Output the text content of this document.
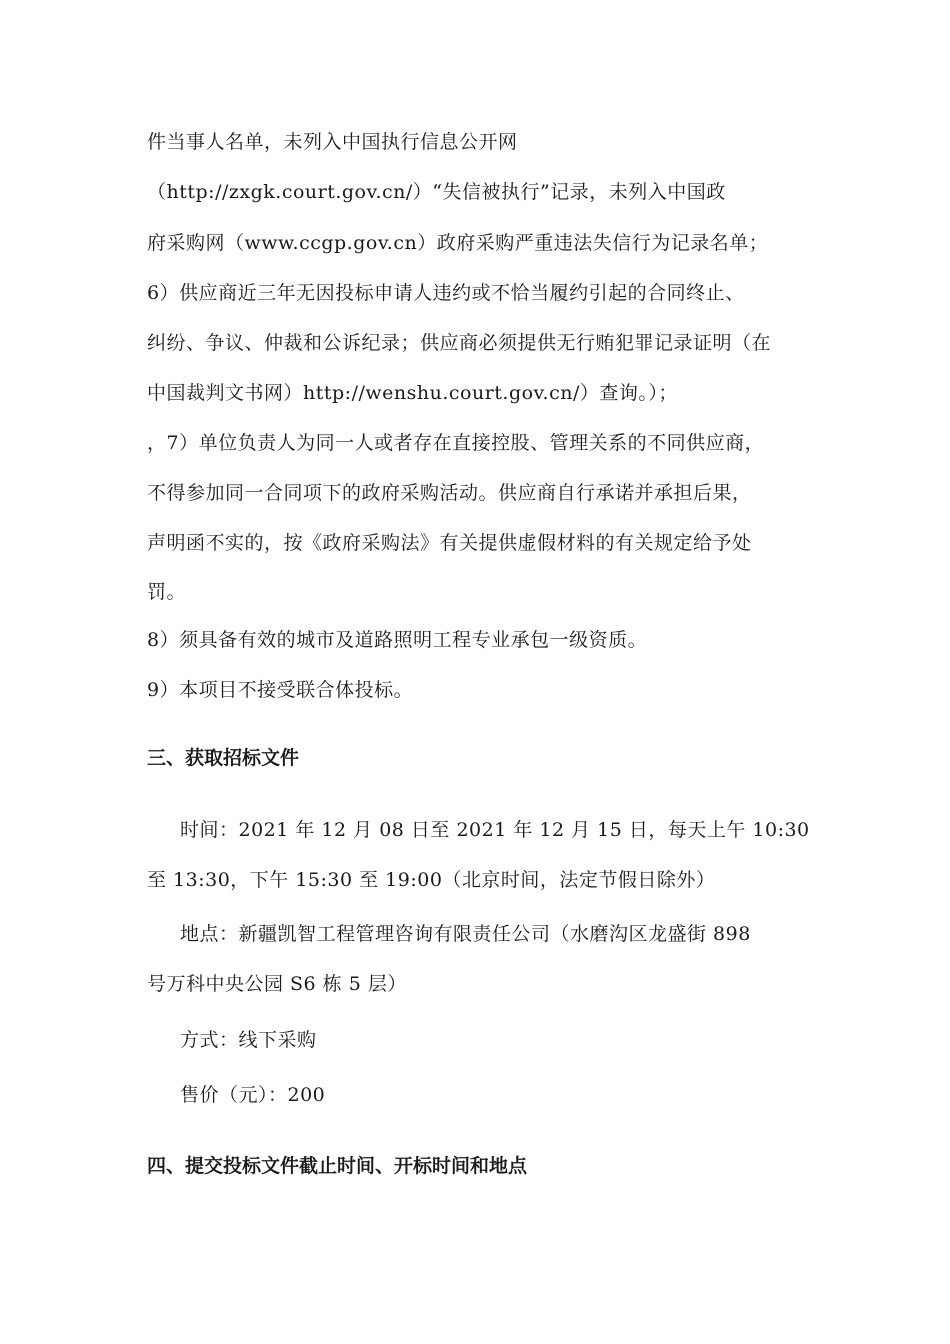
件当事人名单，未列入中国执行信息公开网
（http://zxgk.court.gov.cn/）“失信被执行”记录，未列入中国政
府采购网（www.ccgp.gov.cn）政府采购严重违法失信行为记录名单；
6）供应商近三年无因投标申请人违约或不恰当履约引起的合同终止、
纠纷、争议、仲裁和公诉纪录；供应商必须提供无行贿犯罪记录证明（在
中国裁判文书网）http://wenshu.court.gov.cn/）查询。）；
，7）单位负责人为同一人或者存在直接控股、管理关系的不同供应商，
不得参加同一合同项下的政府采购活动。供应商自行承诺并承担后果，
声明函不实的，按《政府采购法》有关提供虚假材料的有关规定给予处
罚。
8）须具备有效的城市及道路照明工程专业承包一级资质。
9）本项目不接受联合体投标。
三、获取招标文件
时间：2021 年 12 月 08 日至 2021 年 12 月 15 日，每天上午 10:30
至 13:30，下午 15:30 至 19:00（北京时间，法定节假日除外）
地点：新疆凯智工程管理咨询有限责任公司（水磨沟区龙盛街 898
号万科中央公园 S6 栋 5 层）
方式：线下采购
售价（元）：200
四、提交投标文件截止时间、开标时间和地点
